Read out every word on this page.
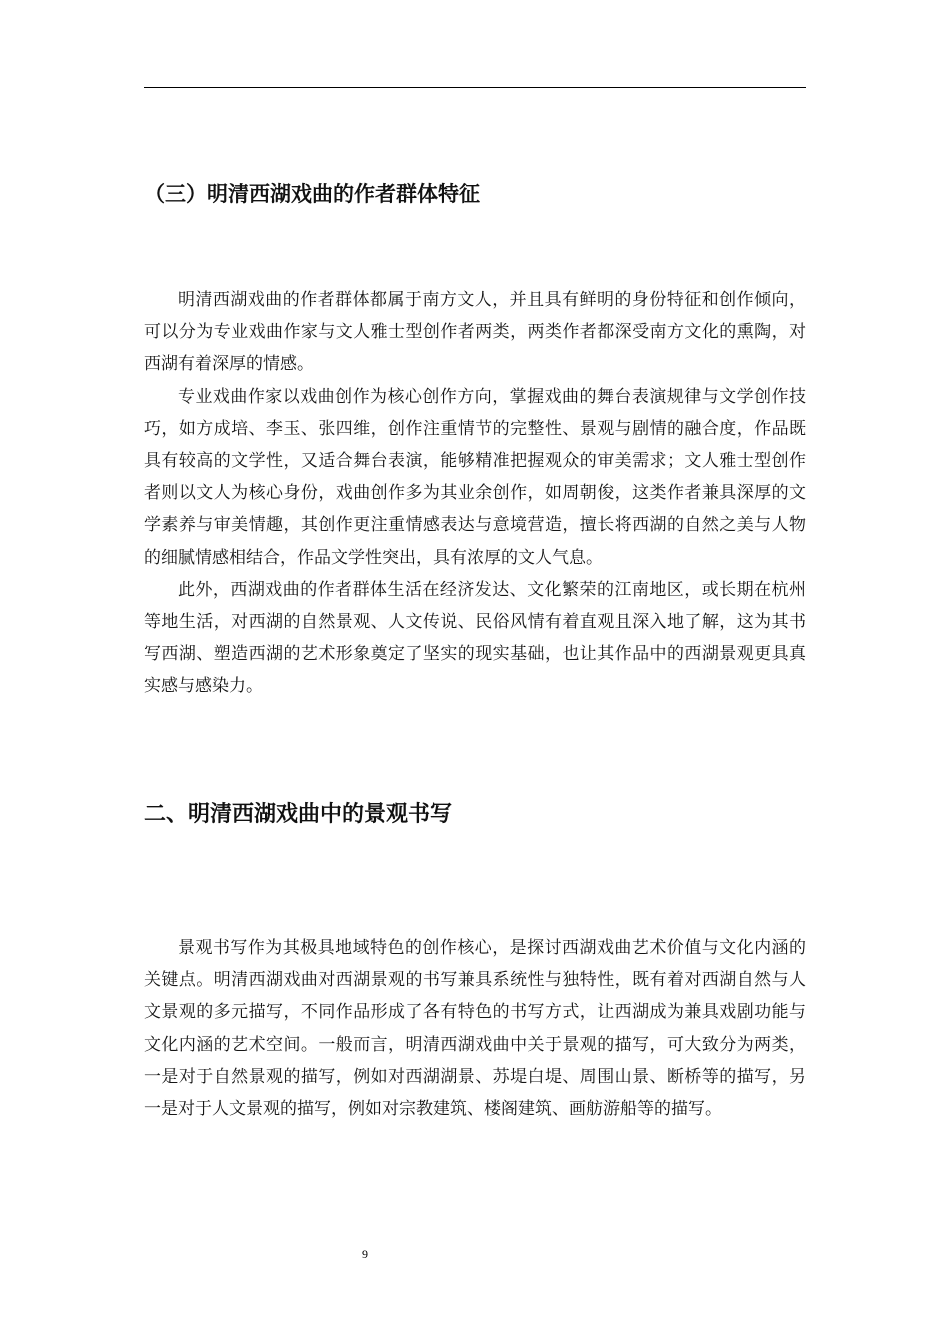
（三）明清西湖戏曲的作者群体特征

明清西湖戏曲的作者群体都属于南方文人，并且具有鲜明的身份特征和创作倾向，可以分为专业戏曲作家与文人雅士型创作者两类，两类作者都深受南方文化的熏陶，对西湖有着深厚的情感。

专业戏曲作家以戏曲创作为核心创作方向，掌握戏曲的舞台表演规律与文学创作技巧，如方成培、李玉、张四维，创作注重情节的完整性、景观与剧情的融合度，作品既具有较高的文学性，又适合舞台表演，能够精准把握观众的审美需求；文人雅士型创作者则以文人为核心身份，戏曲创作多为其业余创作，如周朝俊，这类作者兼具深厚的文学素养与审美情趣，其创作更注重情感表达与意境营造，擅长将西湖的自然之美与人物的细腻情感相结合，作品文学性突出，具有浓厚的文人气息。

此外，西湖戏曲的作者群体生活在经济发达、文化繁荣的江南地区，或长期在杭州等地生活，对西湖的自然景观、人文传说、民俗风情有着直观且深入地了解，这为其书写西湖、塑造西湖的艺术形象奠定了坚实的现实基础，也让其作品中的西湖景观更具真实感与感染力。

二、明清西湖戏曲中的景观书写

景观书写作为其极具地域特色的创作核心，是探讨西湖戏曲艺术价值与文化内涵的关键点。明清西湖戏曲对西湖景观的书写兼具系统性与独特性，既有着对西湖自然与人文景观的多元描写，不同作品形成了各有特色的书写方式，让西湖成为兼具戏剧功能与文化内涵的艺术空间。一般而言，明清西湖戏曲中关于景观的描写，可大致分为两类，一是对于自然景观的描写，例如对西湖湖景、苏堤白堤、周围山景、断桥等的描写，另一是对于人文景观的描写，例如对宗教建筑、楼阁建筑、画舫游船等的描写。

9
